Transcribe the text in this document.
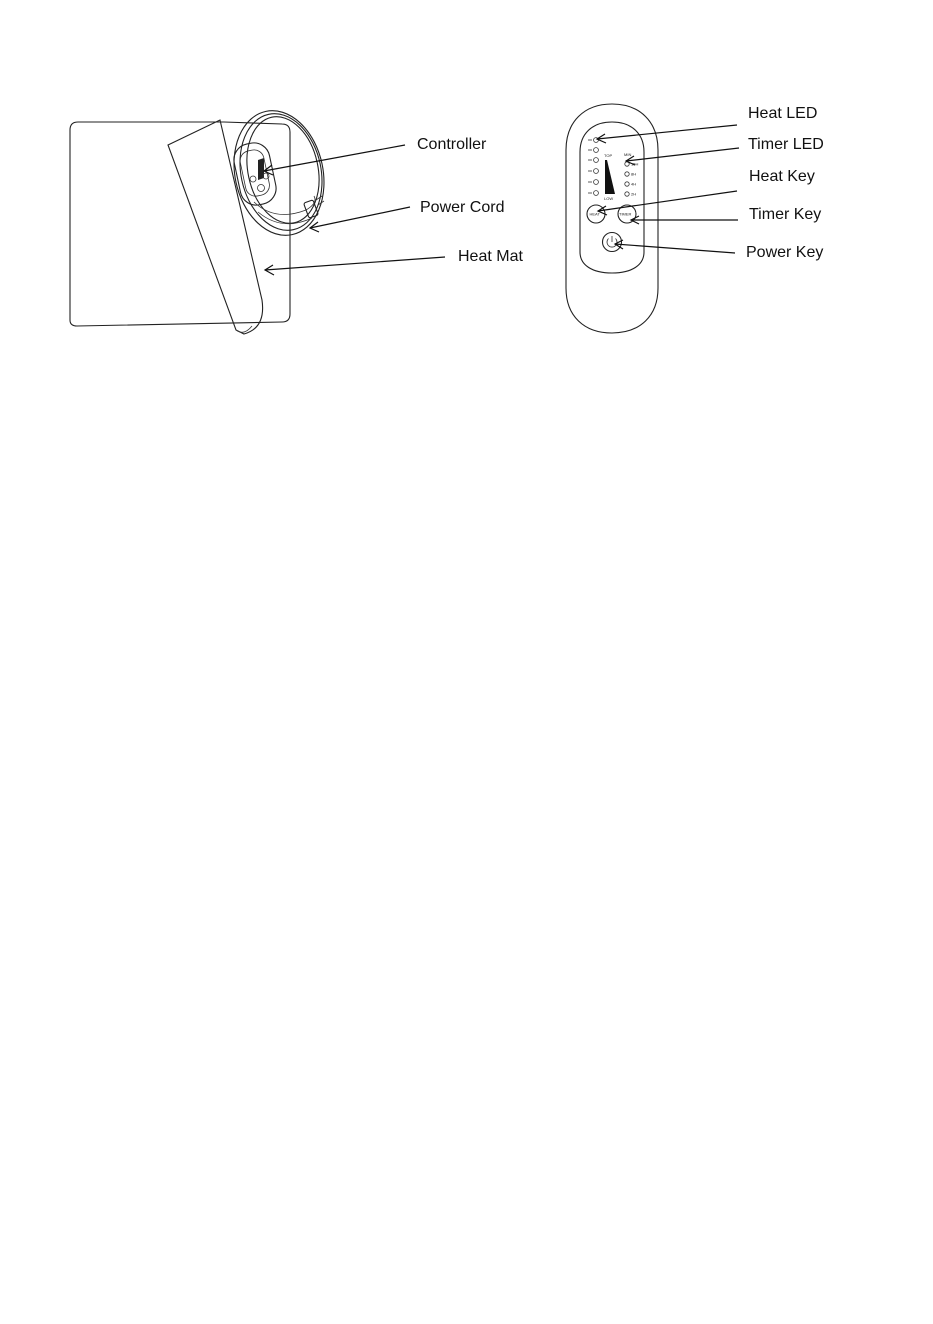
Controller
Power Cord
Heat Mat
TOP
LOW
MIN
15H
8H
4H
2H
HEAT	TIMER
Heat LED
Timer LED
Heat Key
Timer Key
Power Key
